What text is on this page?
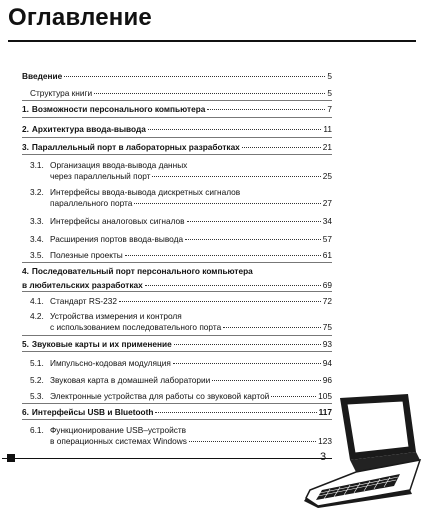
Оглавление
Введение	5
Структура книги	5
1. Возможности персонального компьютера	7
2. Архитектура ввода-вывода	11
3. Параллельный порт в лабораторных разработках	21
3.1. Организация ввода-вывода данных
через параллельный порт	25
3.2. Интерфейсы ввода-вывода дискретных сигналов
параллельного порта	27
3.3. Интерфейсы аналоговых сигналов	34
3.4. Расширения портов ввода-вывода	57
3.5. Полезные проекты	61
4. Последовательный порт персонального компьютера
в любительских разработках	69
4.1. Стандарт RS-232	72
4.2. Устройства измерения и контроля
с использованием последовательного порта	75
5. Звуковые карты и их применение	93
5.1. Импульсно-кодовая модуляция	94
5.2. Звуковая карта в домашней лаборатории	96
5.3. Электронные устройства для работы со звуковой картой	105
6. Интерфейсы USB и Bluetooth	117
6.1. Функционирование USB–устройств
в операционных системах Windows	123
3
